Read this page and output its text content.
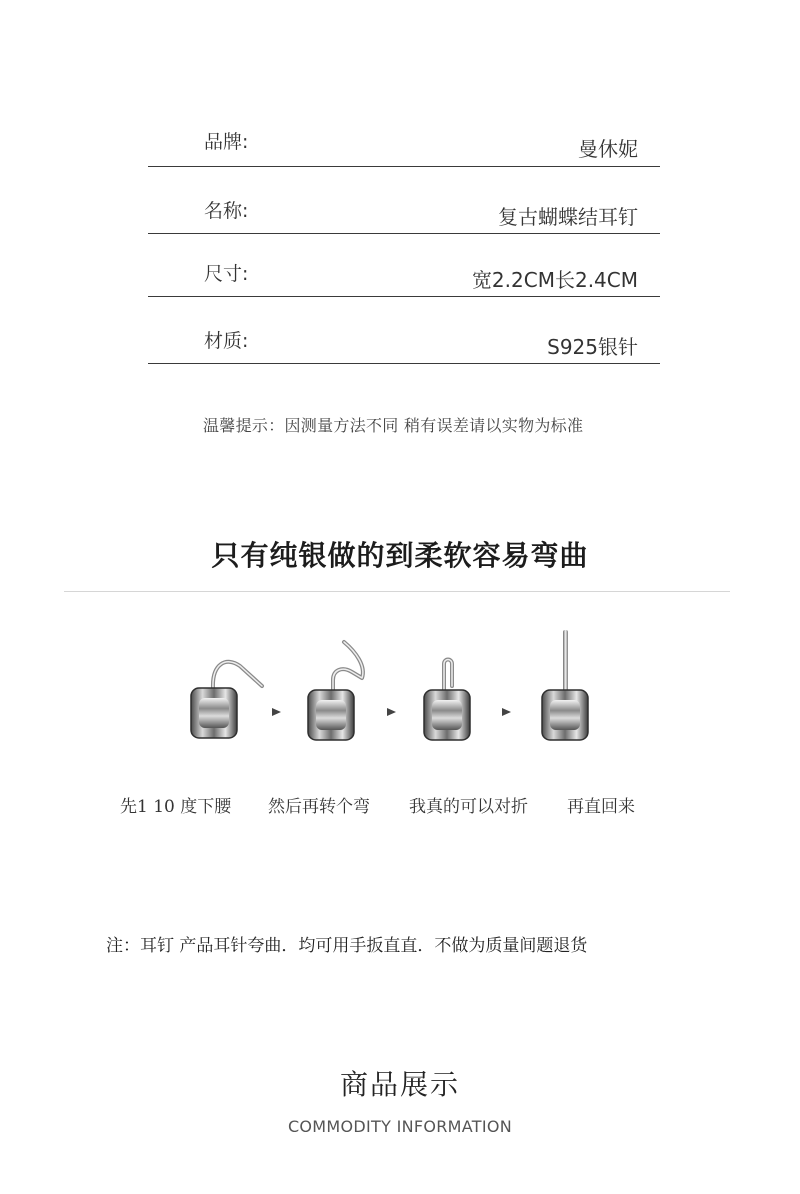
品牌:	曼休妮
名称:	复古蝴蝶结耳钉
尺寸:	宽2.2CM长2.4CM
材质:	S925银针
温馨提示：因测量方法不同 稍有误差请以实物为标准
只有纯银做的到柔软容易弯曲
先1 10 度下腰 然后再转个弯 我真的可以对折 再直回来
注：耳钉 产品耳针夸曲．均可用手扳直直．不做为质量间题退货
商品展示
COMMODITY INFORMATION
